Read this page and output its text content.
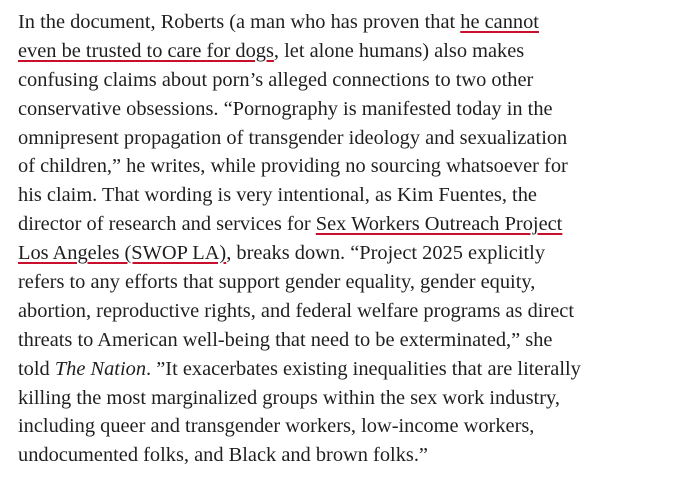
In the document, Roberts (a man who has proven that he cannot
even be trusted to care for dogs, let alone humans) also makes
confusing claims about porn’s alleged connections to two other
conservative obsessions. “Pornography is manifested today in the
omnipresent propagation of transgender ideology and sexualization
of children,” he writes, while providing no sourcing whatsoever for
his claim. That wording is very intentional, as Kim Fuentes, the
director of research and services for Sex Workers Outreach Project
Los Angeles (SWOP LA), breaks down. “Project 2025 explicitly
refers to any efforts that support gender equality, gender equity,
abortion, reproductive rights, and federal welfare programs as direct
threats to American well-being that need to be exterminated,” she
told The Nation. ”It exacerbates existing inequalities that are literally
killing the most marginalized groups within the sex work industry,
including queer and transgender workers, low-income workers,
undocumented folks, and Black and brown folks.”
